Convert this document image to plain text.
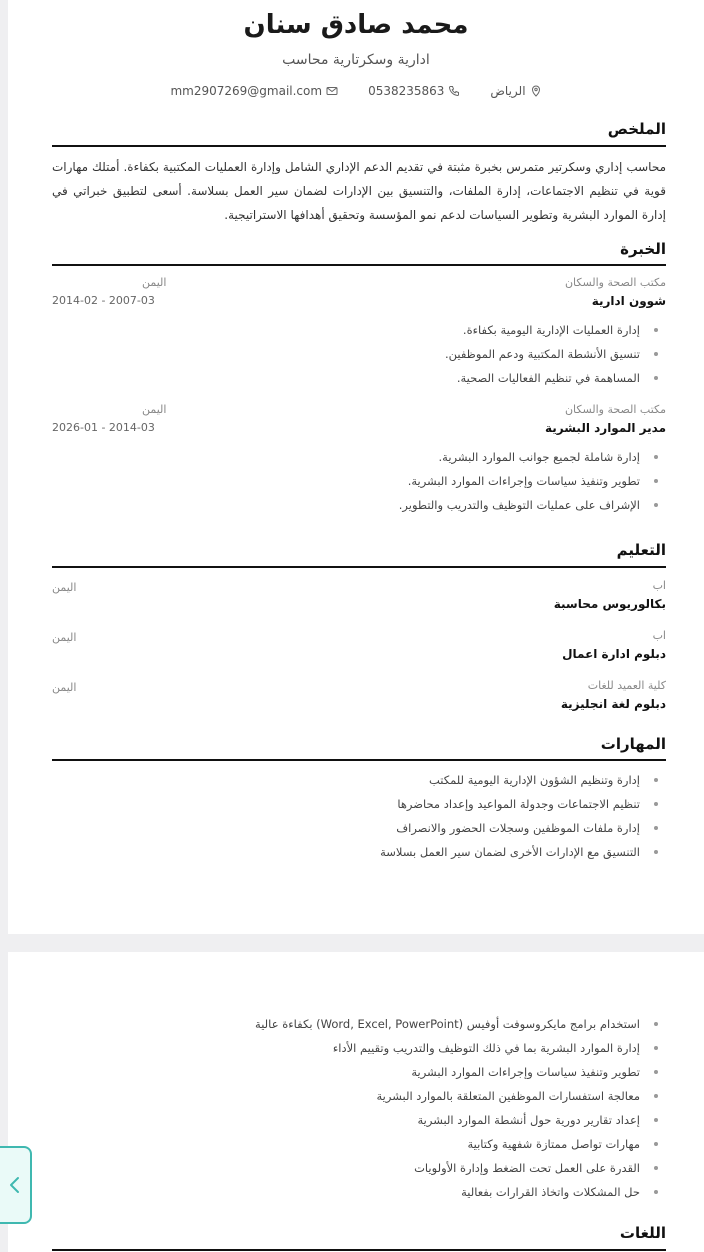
محمد صادق سنان
ادارية وسكرتارية محاسب
الرياض
0538235863
mm2907269@gmail.com
الملخص
محاسب إداري وسكرتير متمرس بخبرة مثبتة في تقديم الدعم الإداري الشامل وإدارة العمليات المكتبية بكفاءة. أمتلك مهارات قوية في تنظيم الاجتماعات، إدارة الملفات، والتنسيق بين الإدارات لضمان سير العمل بسلاسة. أسعى لتطبيق خبراتي في إدارة الموارد البشرية وتطوير السياسات لدعم نمو المؤسسة وتحقيق أهدافها الاستراتيجية.
الخبرة
مكتب الصحة والسكان
اليمن
شوون ادارية
2014-02 - 2007-03
إدارة العمليات الإدارية اليومية بكفاءة.
تنسيق الأنشطة المكتبية ودعم الموظفين.
المساهمة في تنظيم الفعاليات الصحية.
مكتب الصحة والسكان
اليمن
مدير الموارد البشرية
2026-01 - 2014-03
إدارة شاملة لجميع جوانب الموارد البشرية.
تطوير وتنفيذ سياسات وإجراءات الموارد البشرية.
الإشراف على عمليات التوظيف والتدريب والتطوير.
التعليم
اب
اليمن
بكالوريوس محاسبة
اب
اليمن
دبلوم ادارة اعمال
كلية العميد للغات
اليمن
دبلوم لغة انجليزية
المهارات
إدارة وتنظيم الشؤون الإدارية اليومية للمكتب
تنظيم الاجتماعات وجدولة المواعيد وإعداد محاضرها
إدارة ملفات الموظفين وسجلات الحضور والانصراف
التنسيق مع الإدارات الأخرى لضمان سير العمل بسلاسة
استخدام برامج مايكروسوفت أوفيس (Word, Excel, PowerPoint) بكفاءة عالية
إدارة الموارد البشرية بما في ذلك التوظيف والتدريب وتقييم الأداء
تطوير وتنفيذ سياسات وإجراءات الموارد البشرية
معالجة استفسارات الموظفين المتعلقة بالموارد البشرية
إعداد تقارير دورية حول أنشطة الموارد البشرية
مهارات تواصل ممتازة شفهية وكتابية
القدرة على العمل تحت الضغط وإدارة الأولويات
حل المشكلات واتخاذ القرارات بفعالية
اللغات
